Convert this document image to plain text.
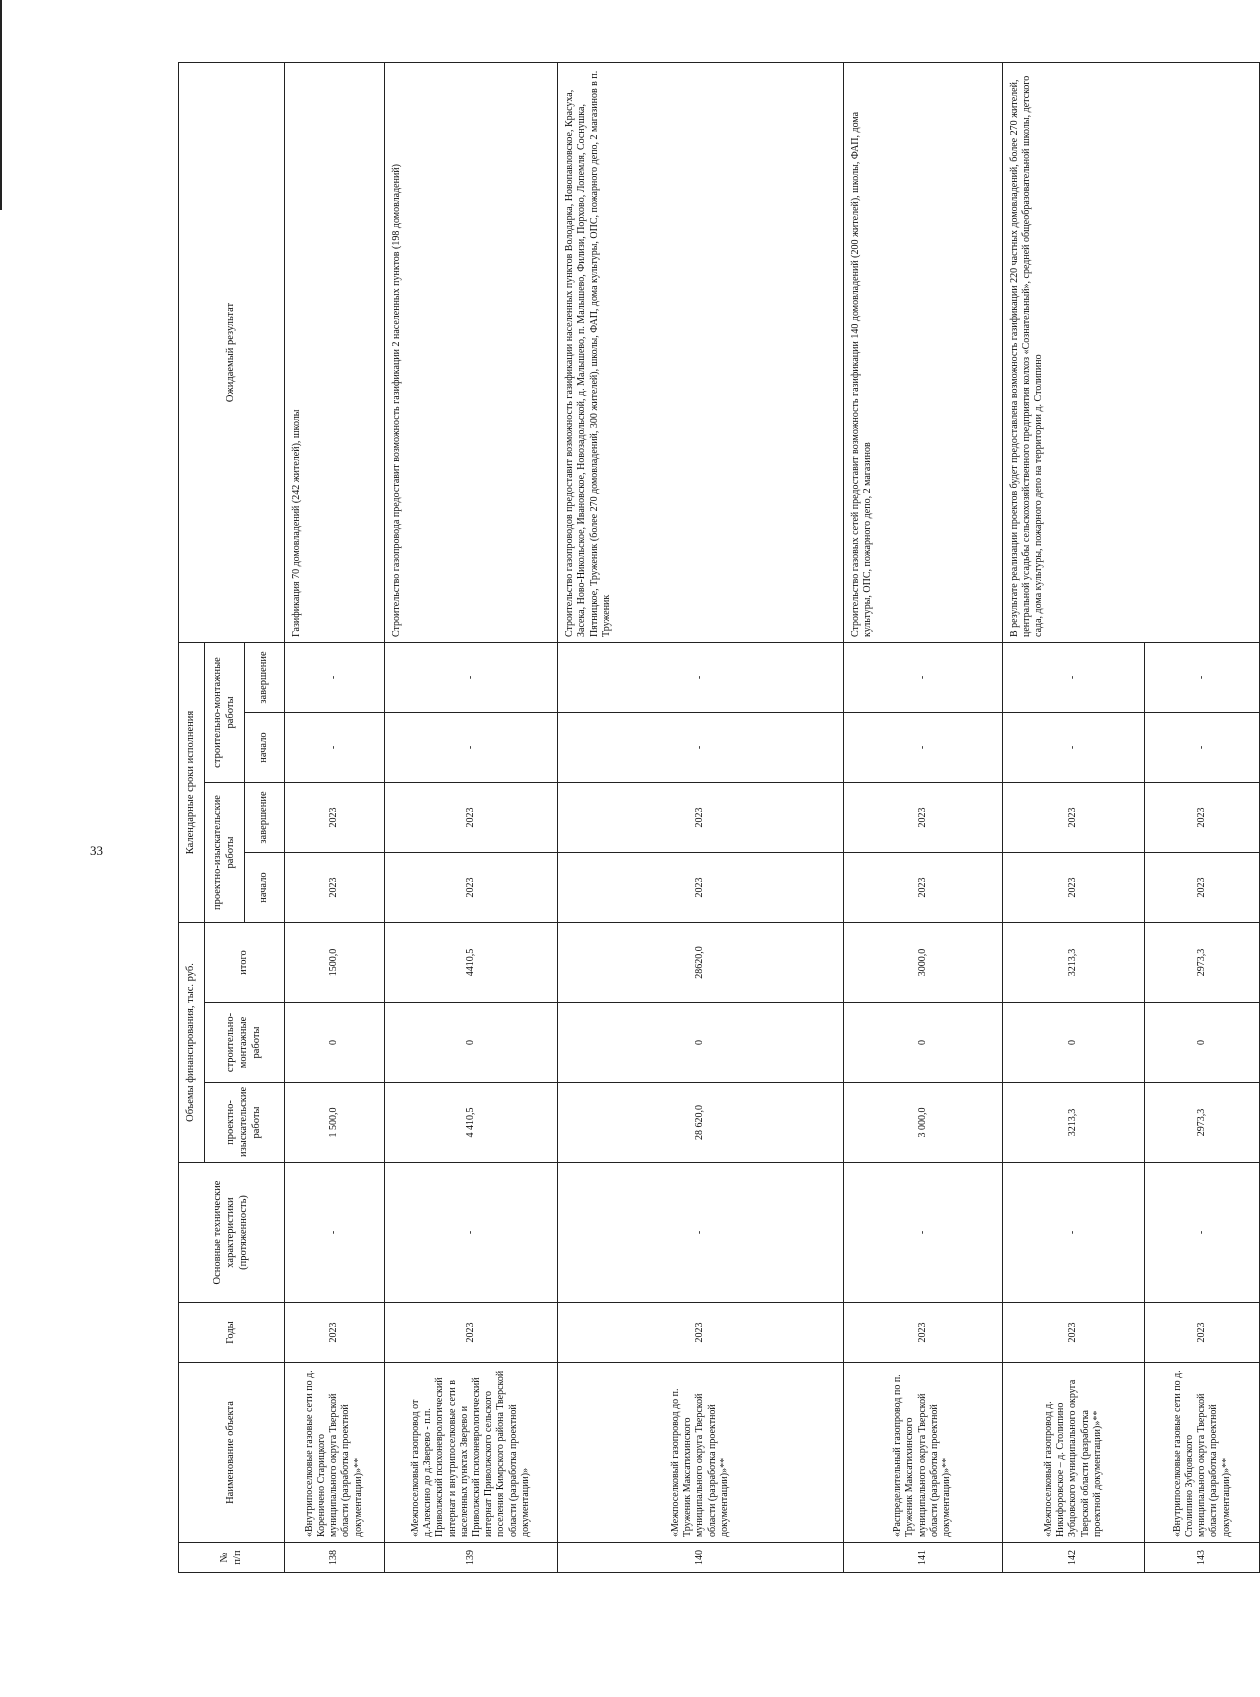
33
№ п/п	Наименование объекта	Годы	Основные технические характеристики (протяженность)	Объемы финансирования, тыс. руб.			Календарные сроки исполнения				Ожидаемый результат
				проектно-изыскательские работы	строительно-монтажные работы	итого	проектно-изыскательские работы		строительно-монтажные работы		
							начало	завершение	начало	завершение	
138	«Внутрипоселковые газовые сети по д. Кореничено Старицкого муниципального округа Тверской области (разработка проектной документации)»**	2023	-	1 500,0	0	1500,0	2023	2023	-	-	Газификация 70 домовладений (242 жителей), школы
139	«Межпоселковый газопровод от д.Алексино до д.Зверево - п.п. Приволжский психоневрологический интернат и внутрипоселковые сети в населенных пунктах Зверево и Приволжский психоневрологический интернат Приволжского сельского поселения Кимрского района Тверской области (разработка проектной документации)»	2023	-	4 410,5	0	4410,5	2023	2023	-	-	Строительство газопровода предоставит возможность газификации 2 населенных пунктов (198 домовладений)
140	«Межпоселковый газопровод до п. Труженик Максатихинского муниципального округа Тверской области (разработка проектной документации)»**	2023	-	28 620,0	0	28620,0	2023	2023	-	-	Строительство газопроводов предоставит возможность газификации населенных пунктов Володарка, Новопавловское, Красуха, Засека, Ново-Никольское, Ивановское, Новозадольской, д. Малышево, п. Малышево, Филизи, Порхово, Лопемля, Соснушка, Пятницкое, Труженик (более 270 домовладений, 300 жителей), школы, ФАП, дома культуры, ОПС, пожарного депо, 2 магазинов в п. Труженик
141	«Распределительный газопровод по п. Труженик Максатихинского муниципального округа Тверской области (разработка проектной документации)»**	2023	-	3 000,0	0	3000,0	2023	2023	-	-	Строительство газовых сетей предоставит возможность газификации 140 домовладений (200 жителей), школы, ФАП, дома культуры, ОПС, пожарного депо, 2 магазинов
142	«Межпоселковый газопровод д. Никифоровское – д. Столипино Зубцовского муниципального округа Тверской области (разработка проектной документации)»**	2023	-	3213,3	0	3213,3	2023	2023	-	-	В результате реализации проектов будет предоставлена возможность газификации 220 частных домовладений, более 270 жителей, центральной усадьбы сельскохозяйственного предприятия колхоз «Сознательный», средней общеобразовательной школы, детского сада, дома культуры, пожарного депо на территории д. Столипино
143	«Внутрипоселковые газовые сети по д. Столипино Зубцовского муниципального округа Тверской области (разработка проектной документации)»**	2023	-	2973,3	0	2973,3	2023	2023	-	-	
